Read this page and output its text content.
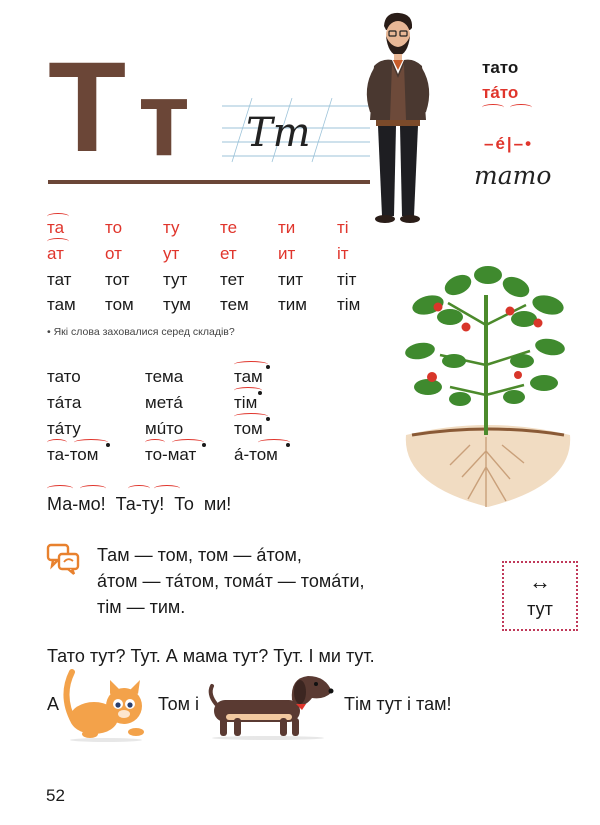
Т т Тт
тато
тáто
–é|–•
тато
та то ту те ти ті
ат от ут ет ит іт
тат тот тут тет тит тіт
там том тум тем тим тім
• Які слова заховалися серед складів?
тато	тема	там
тáта	метá	тім
тáту	мúто	том
та-том	то-мат á-том
Ма-мо!  Та-ту!  То  ми!
Там — том, том — áтом,
áтом — тáтом, томáт — томáти,
тім — тим.
↔
тут
Тато тут? Тут. А мама тут? Тут. І ми тут.
А	Том і	Тім тут і там!
52
